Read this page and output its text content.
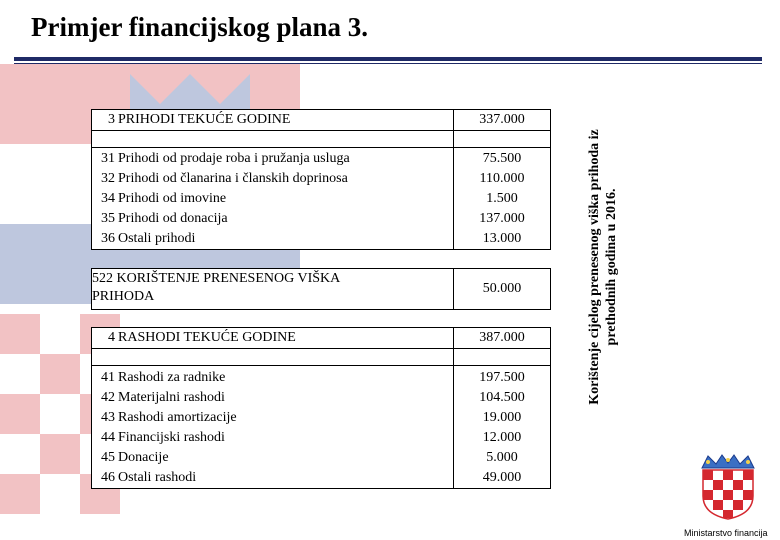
Primjer financijskog plana 3.
3 PRIHODI TEKUĆE GODINE	337.000
31 Prihodi od prodaje roba i pružanja usluga	75.500
32 Prihodi od članarina i članskih doprinosa	110.000
34 Prihodi od imovine	1.500
35 Prihodi od donacija	137.000
36 Ostali prihodi	13.000
522 KORIŠTENJE PRENESENOG VIŠKA
PRIHODA
50.000
4 RASHODI TEKUĆE GODINE	387.000
41 Rashodi za radnike	197.500
42 Materijalni rashodi	104.500
43 Rashodi amortizacije	19.000
44 Financijski rashodi	12.000
45 Donacije	5.000
46 Ostali rashodi	49.000
Korištenje cijelog prenesenog viška prihoda iz prethodnih godina u 2016.
Ministarstvo financija
